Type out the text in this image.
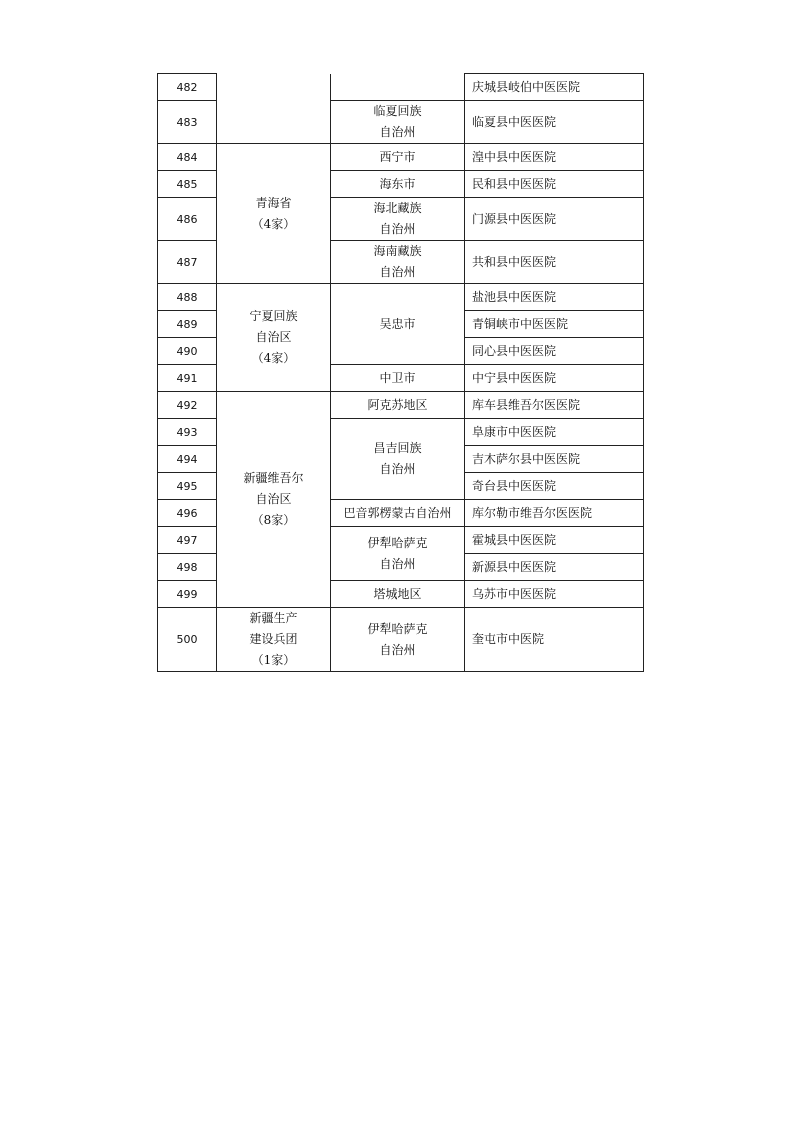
482			庆城县岐伯中医医院
483		临夏回族
自治州	临夏县中医医院
484	青海省
（4家）	西宁市	湟中县中医医院
485		海东市	民和县中医医院
486		海北藏族
自治州	门源县中医医院
487		海南藏族
自治州	共和县中医医院
488	宁夏回族
自治区
（4家）	吴忠市	盐池县中医医院
489			青铜峡市中医医院
490			同心县中医医院
491		中卫市	中宁县中医医院
492	新疆维吾尔
自治区
（8家）	阿克苏地区	库车县维吾尔医医院
493		昌吉回族
自治州	阜康市中医医院
494			吉木萨尔县中医医院
495			奇台县中医医院
496		巴音郭楞蒙古自治州	库尔勒市维吾尔医医院
497		伊犁哈萨克
自治州	霍城县中医医院
498			新源县中医医院
499		塔城地区	乌苏市中医医院
500	新疆生产
建设兵团
（1家）	伊犁哈萨克
自治州	奎屯市中医院
